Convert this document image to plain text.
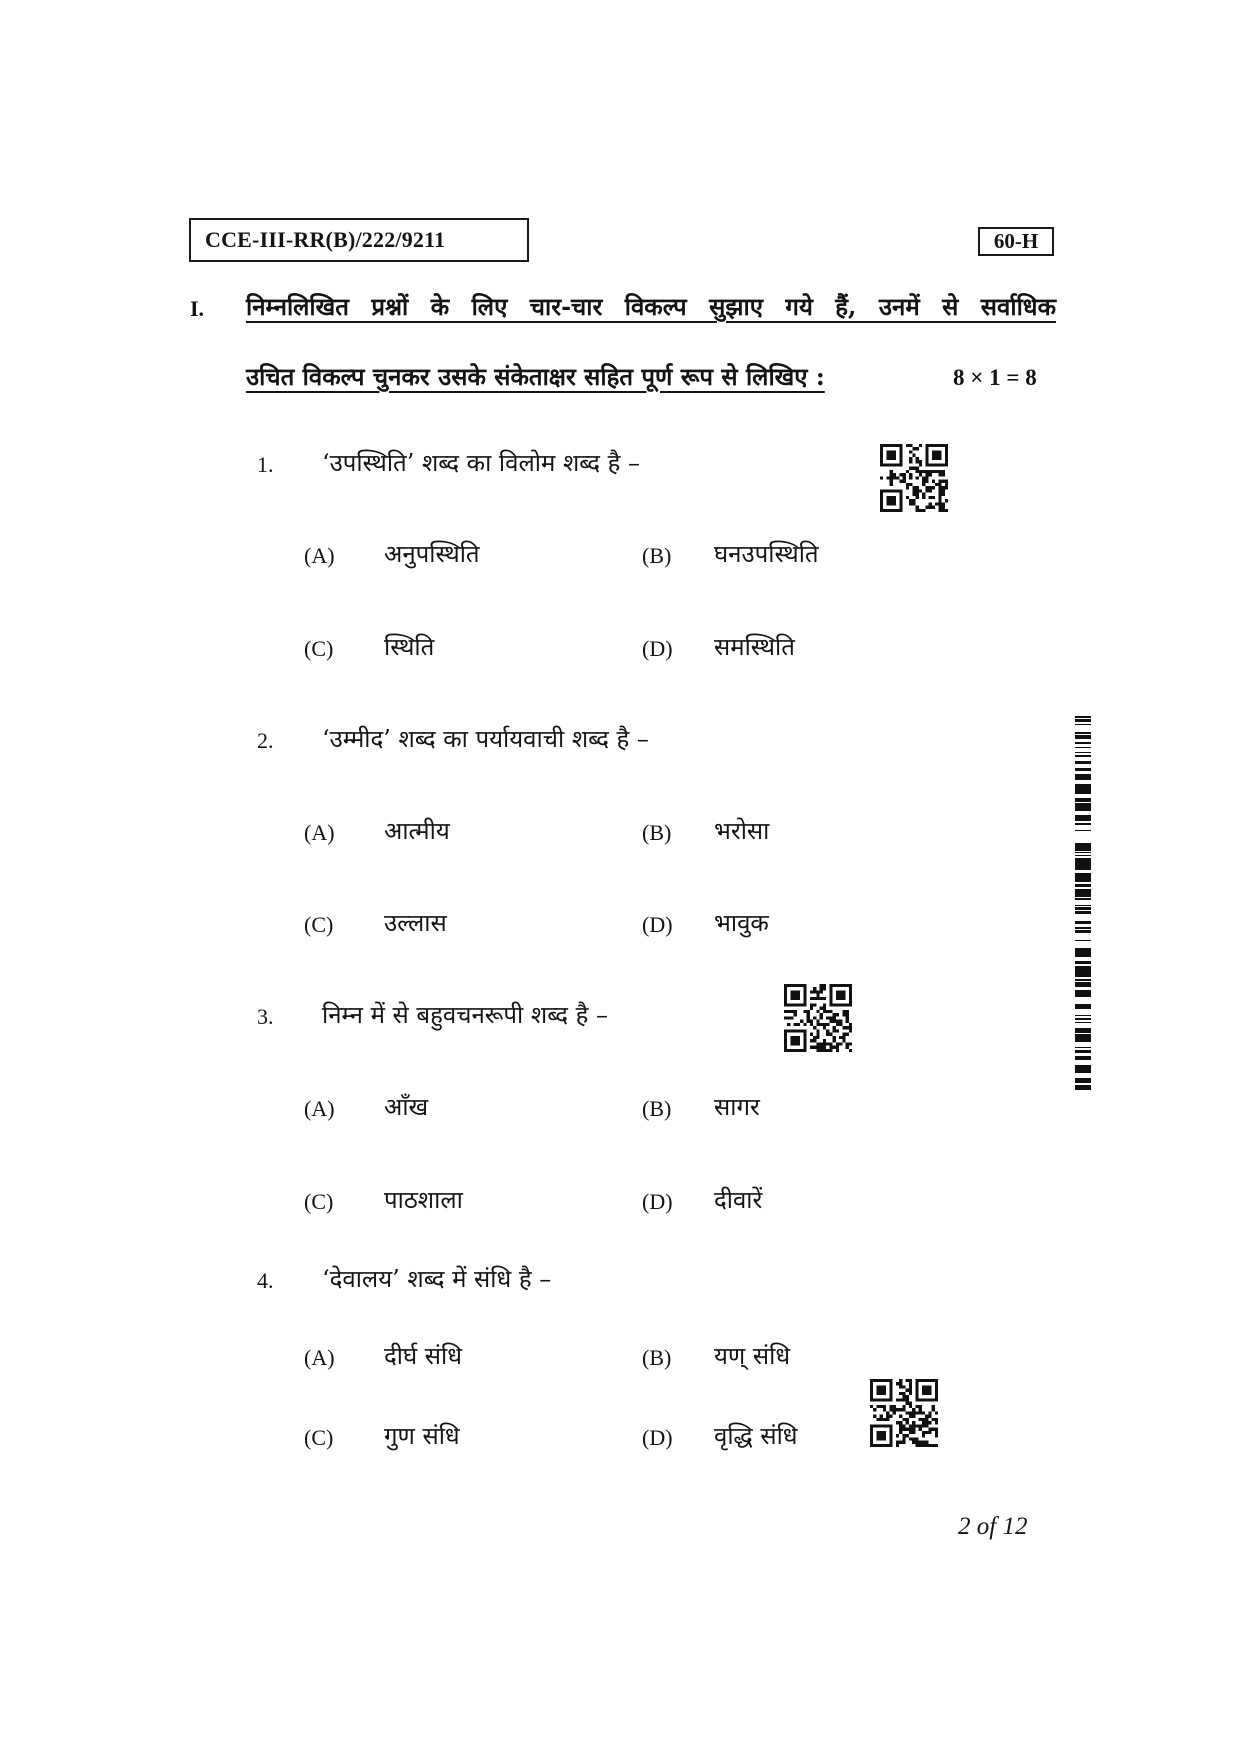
CCE-III-RR(B)/222/9211	60-H
I. निम्नलिखित प्रश्नों के लिए चार-चार विकल्प सुझाए गये हैं, उनमें से सर्वाधिक
उचित विकल्प चुनकर उसके संकेताक्षर सहित पूर्ण रूप से लिखिए :	8 × 1 = 8
1. ‘उपस्थिति’ शब्द का विलोम शब्द है –
(A) अनुपस्थिति	(B) घनउपस्थिति
(C) स्थिति	(D) समस्थिति
2. ‘उम्मीद’ शब्द का पर्यायवाची शब्द है –
(A) आत्मीय	(B) भरोसा
(C) उल्लास	(D) भावुक
3. निम्न में से बहुवचनरूपी शब्द है –
(A) आँख	(B) सागर
(C) पाठशाला	(D) दीवारें
4. ‘देवालय’ शब्द में संधि है –
(A) दीर्घ संधि	(B) यण् संधि
(C) गुण संधि	(D) वृद्धि संधि
2 of 12
